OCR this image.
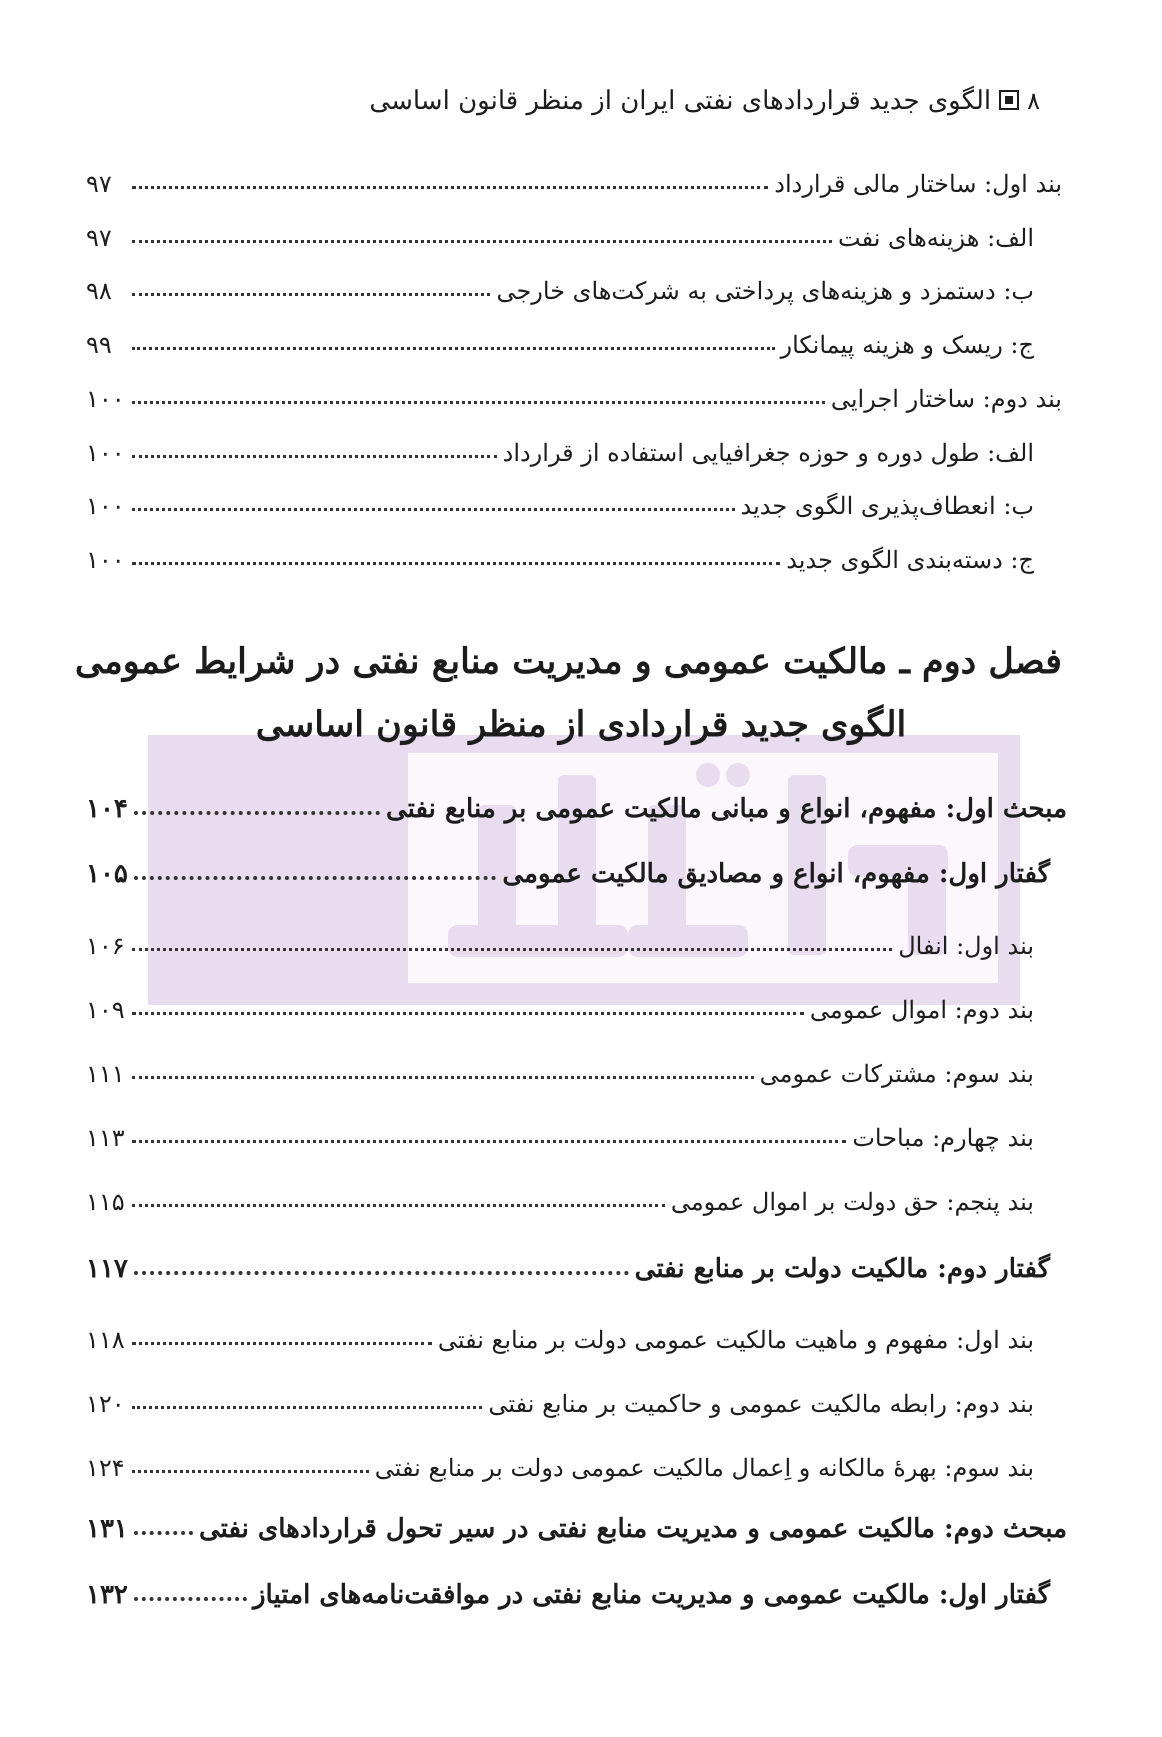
۸الگوی جدید قراردادهای نفتی ایران از منظر قانون اساسی
بند اول: ساختار مالی قرارداد
۹۷
الف: هزینه‌های نفت
۹۷
ب: دستمزد و هزینه‌های پرداختی به شرکت‌های خارجی
۹۸
ج: ریسک و هزینه پیمانکار
۹۹
بند دوم: ساختار اجرایی
۱۰۰
الف: طول دوره و حوزه جغرافیایی استفاده از قرارداد
۱۰۰
ب: انعطاف‌پذیری الگوی جدید
۱۰۰
ج: دسته‌بندی الگوی جدید
۱۰۰
فصل دوم ـ مالکیت عمومی و مدیریت منابع نفتی در شرایط عمومی
الگوی جدید قراردادی از منظر قانون اساسی
مبحث اول: مفهوم، انواع و مبانی مالکیت عمومی بر منابع نفتی
۱۰۴
گفتار اول: مفهوم، انواع و مصادیق مالکیت عمومی
۱۰۵
بند اول: انفال
۱۰۶
بند دوم: اموال عمومی
۱۰۹
بند سوم: مشترکات عمومی
۱۱۱
بند چهارم: مباحات
۱۱۳
بند پنجم: حق دولت بر اموال عمومی
۱۱۵
گفتار دوم: مالکیت دولت بر منابع نفتی
۱۱۷
بند اول: مفهوم و ماهیت مالکیت عمومی دولت بر منابع نفتی
۱۱۸
بند دوم: رابطه مالکیت عمومی و حاکمیت بر منابع نفتی
۱۲۰
بند سوم: بهرهٔ مالکانه و اِعمال مالکیت عمومی دولت بر منابع نفتی
۱۲۴
مبحث دوم: مالکیت عمومی و مدیریت منابع نفتی در سیر تحول قراردادهای نفتی
۱۳۱
گفتار اول: مالکیت عمومی و مدیریت منابع نفتی در موافقت‌نامه‌های امتیاز
۱۳۲
